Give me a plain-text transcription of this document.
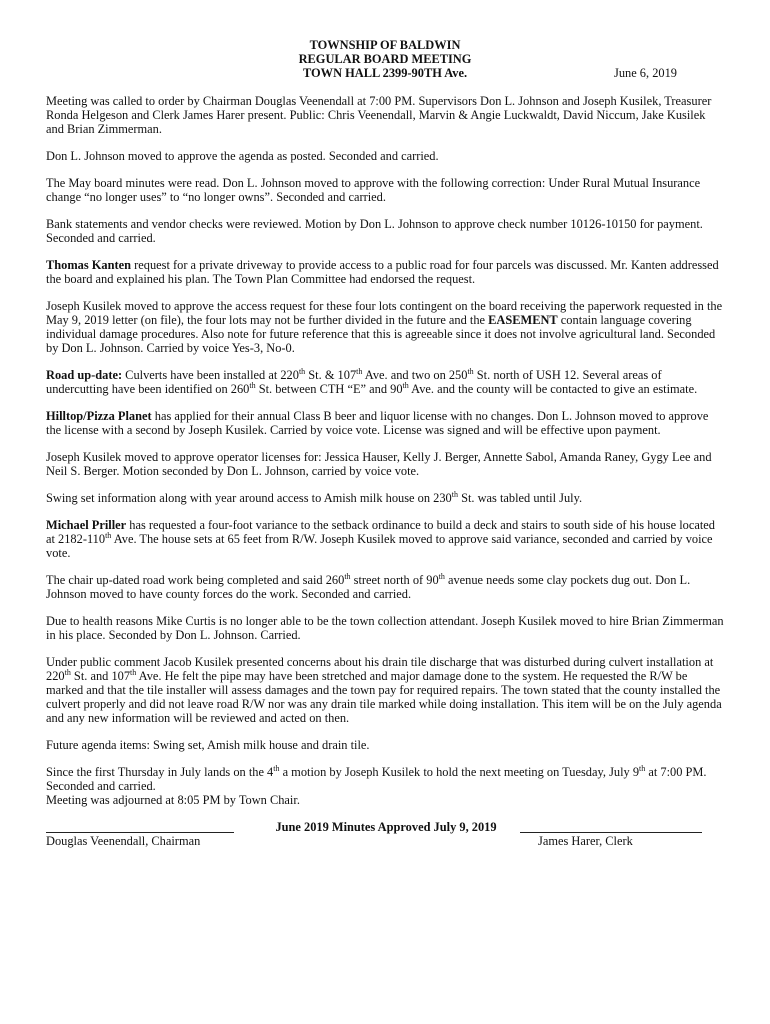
TOWNSHIP OF BALDWIN
REGULAR BOARD MEETING
TOWN HALL 2399-90TH Ave.	June 6, 2019

Meeting was called to order by Chairman Douglas Veenendall at 7:00 PM. Supervisors Don L. Johnson and Joseph Kusilek, Treasurer Ronda Helgeson and Clerk James Harer present. Public: Chris Veenendall, Marvin & Angie Luckwaldt, David Niccum, Jake Kusilek and Brian Zimmerman.

Don L. Johnson moved to approve the agenda as posted. Seconded and carried.

The May board minutes were read. Don L. Johnson moved to approve with the following correction: Under Rural Mutual Insurance change “no longer uses” to “no longer owns”. Seconded and carried.

Bank statements and vendor checks were reviewed. Motion by Don L. Johnson to approve check number 10126-10150 for payment. Seconded and carried.

Thomas Kanten request for a private driveway to provide access to a public road for four parcels was discussed. Mr. Kanten addressed the board and explained his plan. The Town Plan Committee had endorsed the request.

Joseph Kusilek moved to approve the access request for these four lots contingent on the board receiving the paperwork requested in the May 9, 2019 letter (on file), the four lots may not be further divided in the future and the EASEMENT contain language covering individual damage procedures. Also note for future reference that this is agreeable since it does not involve agricultural land. Seconded by Don L. Johnson. Carried by voice Yes-3, No-0.

Road up-date: Culverts have been installed at 220th St. & 107th Ave. and two on 250th St. north of USH 12. Several areas of undercutting have been identified on 260th St. between CTH “E” and 90th Ave. and the county will be contacted to give an estimate.

Hilltop/Pizza Planet has applied for their annual Class B beer and liquor license with no changes. Don L. Johnson moved to approve the license with a second by Joseph Kusilek. Carried by voice vote. License was signed and will be effective upon payment.

Joseph Kusilek moved to approve operator licenses for: Jessica Hauser, Kelly J. Berger, Annette Sabol, Amanda Raney, Gygy Lee and Neil S. Berger. Motion seconded by Don L. Johnson, carried by voice vote.

Swing set information along with year around access to Amish milk house on 230th St. was tabled until July.

Michael Priller has requested a four-foot variance to the setback ordinance to build a deck and stairs to south side of his house located at 2182-110th Ave. The house sets at 65 feet from R/W. Joseph Kusilek moved to approve said variance, seconded and carried by voice vote.

The chair up-dated road work being completed and said 260th street north of 90th avenue needs some clay pockets dug out. Don L. Johnson moved to have county forces do the work. Seconded and carried.

Due to health reasons Mike Curtis is no longer able to be the town collection attendant. Joseph Kusilek moved to hire Brian Zimmerman in his place. Seconded by Don L. Johnson. Carried.

Under public comment Jacob Kusilek presented concerns about his drain tile discharge that was disturbed during culvert installation at 220th St. and 107th Ave. He felt the pipe may have been stretched and major damage done to the system. He requested the R/W be marked and that the tile installer will assess damages and the town pay for required repairs. The town stated that the county installed the culvert properly and did not leave road R/W nor was any drain tile marked while doing installation. This item will be on the July agenda and any new information will be reviewed and acted on then.

Future agenda items: Swing set, Amish milk house and drain tile.

Since the first Thursday in July lands on the 4th a motion by Joseph Kusilek to hold the next meeting on Tuesday, July 9th at 7:00 PM. Seconded and carried.

Meeting was adjourned at 8:05 PM by Town Chair.

June 2019 Minutes Approved July 9, 2019
Douglas Veenendall, Chairman	James Harer, Clerk
